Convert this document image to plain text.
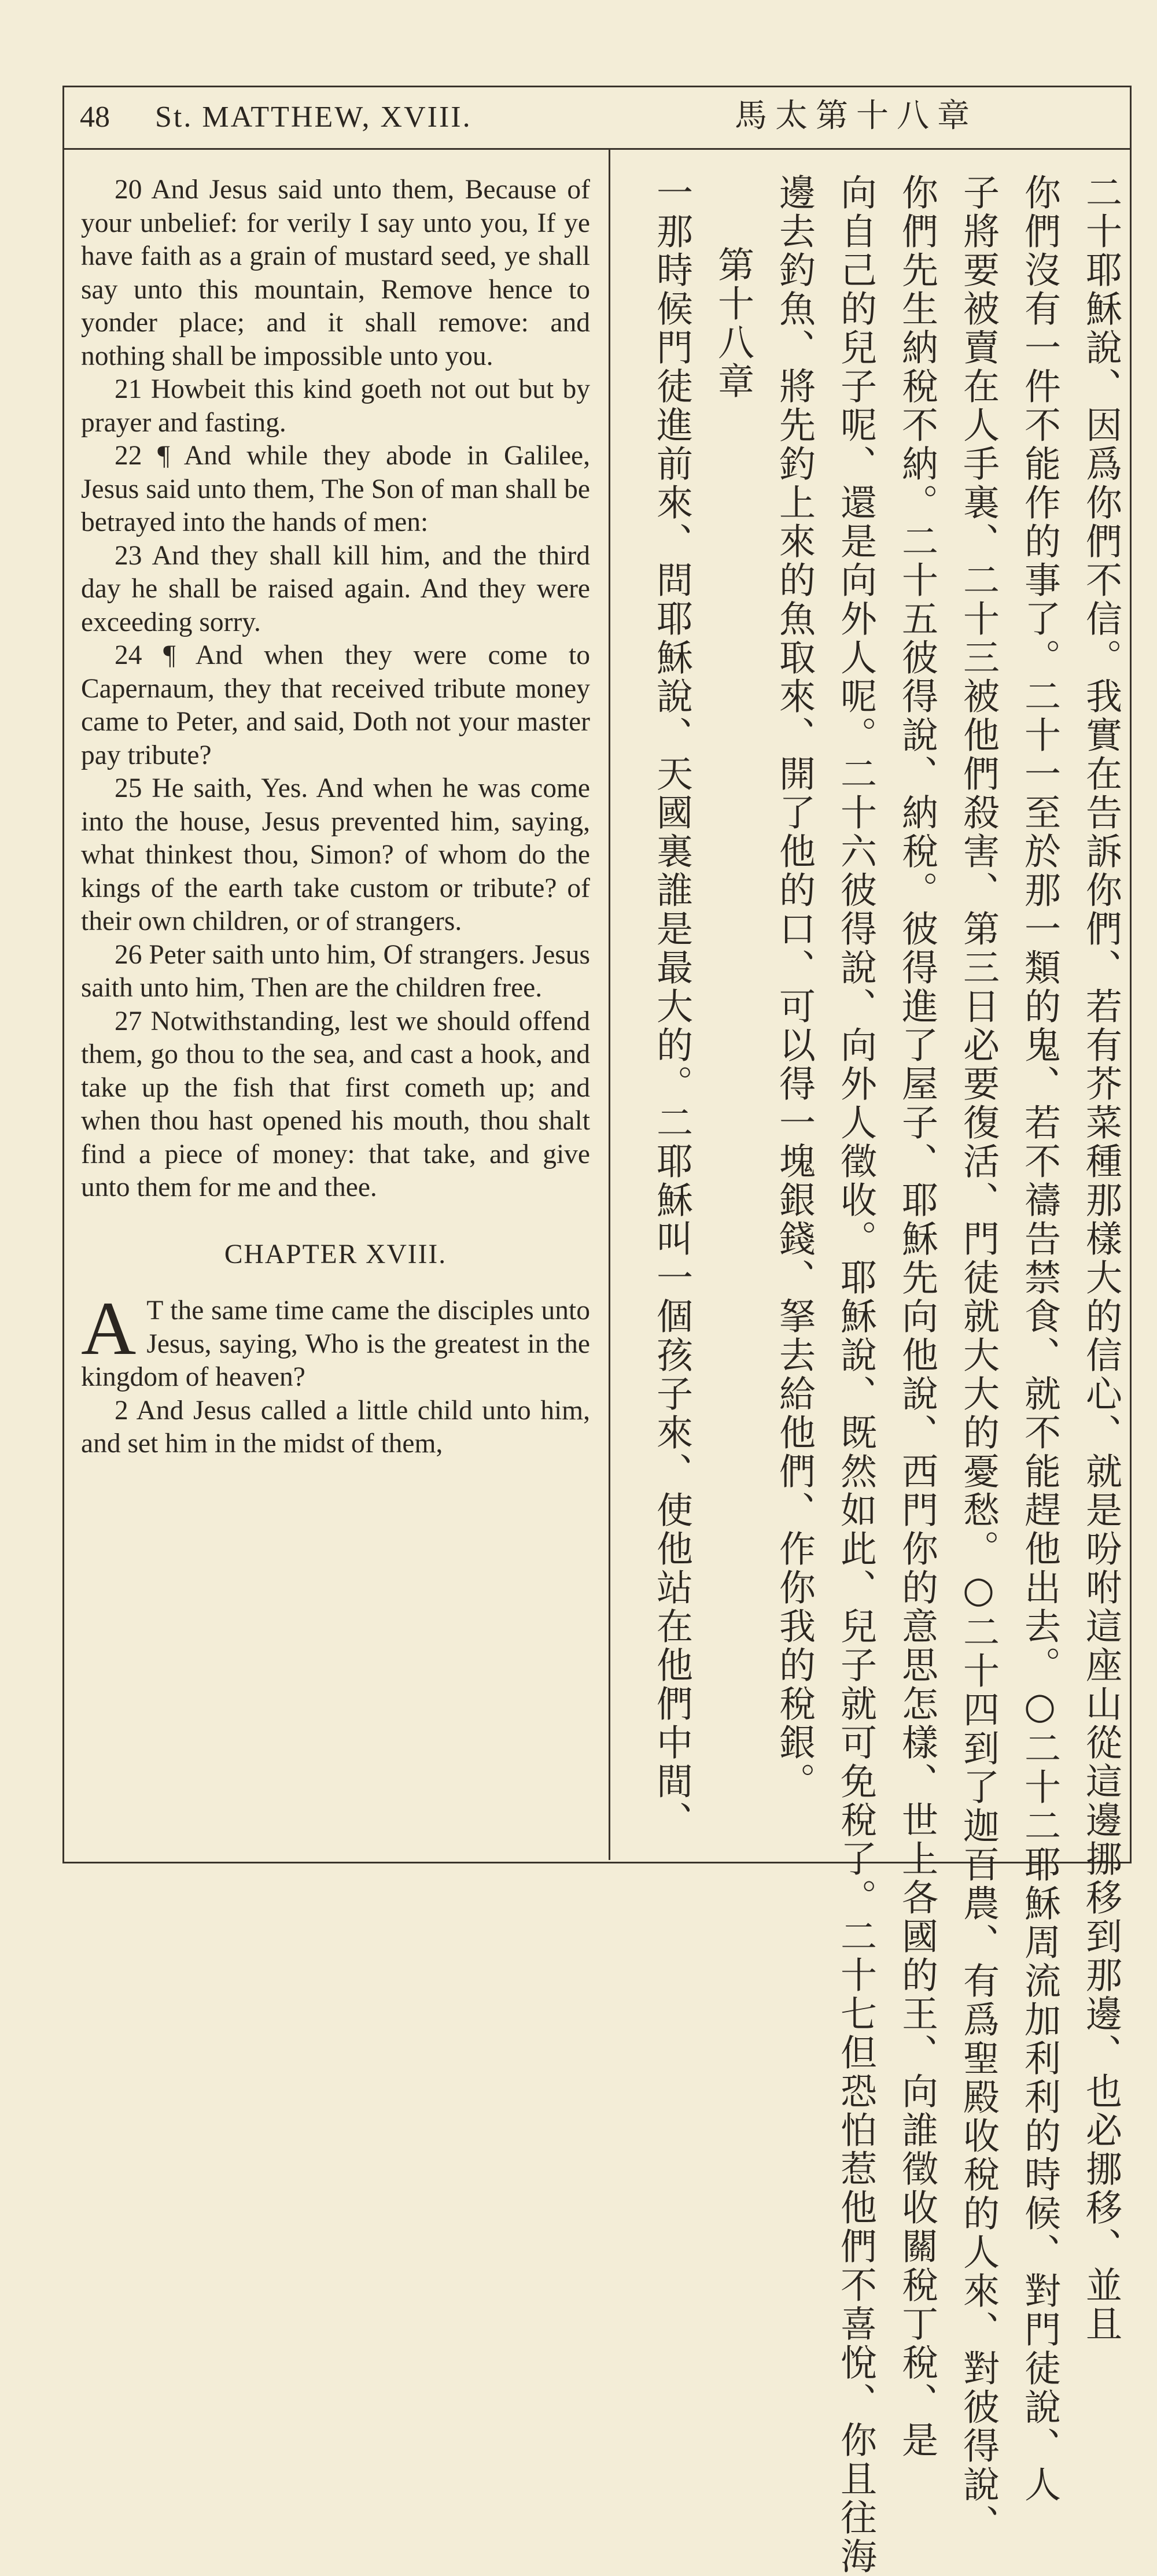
48 St. MATTHEW, XVIII.	馬太第十八章

20 And Jesus said unto them, Because of your unbelief: for verily I say unto you, If ye have faith as a grain of mustard seed, ye shall say unto this mountain, Remove hence to yonder place; and it shall remove: and nothing shall be impossible unto you.

21 Howbeit this kind goeth not out but by prayer and fasting.

22 ¶ And while they abode in Galilee, Jesus said unto them, The Son of man shall be betrayed into the hands of men:

23 And they shall kill him, and the third day he shall be raised again. And they were exceeding sorry.

24 ¶ And when they were come to Capernaum, they that received tribute money came to Peter, and said, Doth not your master pay tribute?

25 He saith, Yes. And when he was come into the house, Jesus prevented him, saying, what thinkest thou, Simon? of whom do the kings of the earth take custom or tribute? of their own children, or of strangers.

26 Peter saith unto him, Of strangers. Jesus saith unto him, Then are the children free.

27 Notwithstanding, lest we should offend them, go thou to the sea, and cast a hook, and take up the fish that first cometh up; and when thou hast opened his mouth, thou shalt find a piece of money: that take, and give unto them for me and thee.

CHAPTER XVIII.

A T the same time came the disciples unto Jesus, saying, Who is the greatest in the kingdom of heaven?

2 And Jesus called a little child unto him, and set him in the midst of them,	二十耶穌說、因爲你們不信。我實在告訴你們、若有芥菜種那樣大的信心、就是吩咐這座山從這邊挪移到那邊、也必挪移、並且
你們沒有一件不能作的事了。二十一至於那一類的鬼、若不禱告禁食、就不能趕他出去。○二十二耶穌周流加利利的時候、對門徒說、人
子將要被賣在人手裏、二十三被他們殺害、第三日必要復活、門徒就大大的憂愁。○二十四到了迦百農、有爲聖殿收稅的人來、對彼得說、
你們先生納稅不納。二十五彼得說、納稅。彼得進了屋子、耶穌先向他說、西門你的意思怎樣、世上各國的王、向誰徵收關稅丁稅、是
向自己的兒子呢、還是向外人呢。二十六彼得說、向外人徵收。耶穌說、既然如此、兒子就可免稅了。二十七但恐怕惹他們不喜悅、你且往海
邊去釣魚、將先釣上來的魚取來、開了他的口、可以得一塊銀錢、拏去給他們、作你我的稅銀。
第十八章
一那時候門徒進前來、問耶穌說、天國裏誰是最大的。二耶穌叫一個孩子來、使他站在他們中間、
